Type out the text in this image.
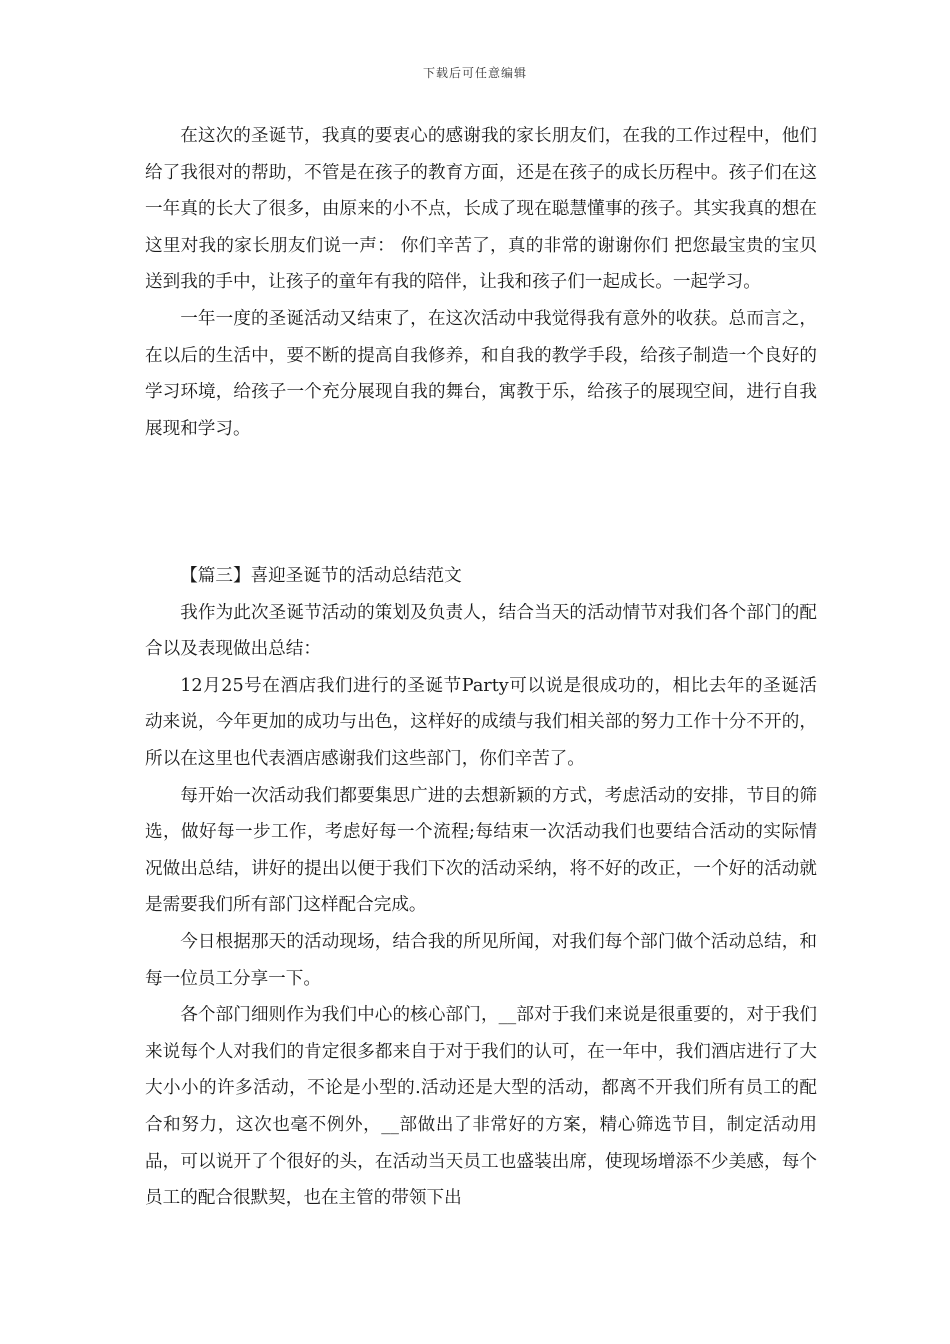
下载后可任意编辑

在这次的圣诞节，我真的要衷心的感谢我的家长朋友们，在我的工作过程中，他们给了我很对的帮助，不管是在孩子的教育方面，还是在孩子的成长历程中。孩子们在这一年真的长大了很多，由原来的小不点，长成了现在聪慧懂事的孩子。其实我真的想在这里对我的家长朋友们说一声： 你们辛苦了，真的非常的谢谢你们 把您最宝贵的宝贝送到我的手中，让孩子的童年有我的陪伴，让我和孩子们一起成长。一起学习。

一年一度的圣诞活动又结束了，在这次活动中我觉得我有意外的收获。总而言之，在以后的生活中，要不断的提高自我修养，和自我的教学手段，给孩子制造一个良好的学习环境，给孩子一个充分展现自我的舞台，寓教于乐，给孩子的展现空间，进行自我展现和学习。

【篇三】喜迎圣诞节的活动总结范文

我作为此次圣诞节活动的策划及负责人，结合当天的活动情节对我们各个部门的配合以及表现做出总结：

12月25号在酒店我们进行的圣诞节Party可以说是很成功的，相比去年的圣诞活动来说，今年更加的成功与出色，这样好的成绩与我们相关部的努力工作十分不开的，所以在这里也代表酒店感谢我们这些部门，你们辛苦了。

每开始一次活动我们都要集思广进的去想新颖的方式，考虑活动的安排，节目的筛选，做好每一步工作，考虑好每一个流程;每结束一次活动我们也要结合活动的实际情况做出总结，讲好的提出以便于我们下次的活动采纳，将不好的改正，一个好的活动就是需要我们所有部门这样配合完成。

今日根据那天的活动现场，结合我的所见所闻，对我们每个部门做个活动总结，和每一位员工分享一下。

各个部门细则作为我们中心的核心部门，__部对于我们来说是很重要的，对于我们来说每个人对我们的肯定很多都来自于对于我们的认可，在一年中，我们酒店进行了大大小小的许多活动，不论是小型的.活动还是大型的活动，都离不开我们所有员工的配合和努力，这次也毫不例外，__部做出了非常好的方案，精心筛选节目，制定活动用品，可以说开了个很好的头，在活动当天员工也盛装出席，使现场增添不少美感，每个员工的配合很默契，也在主管的带领下出
